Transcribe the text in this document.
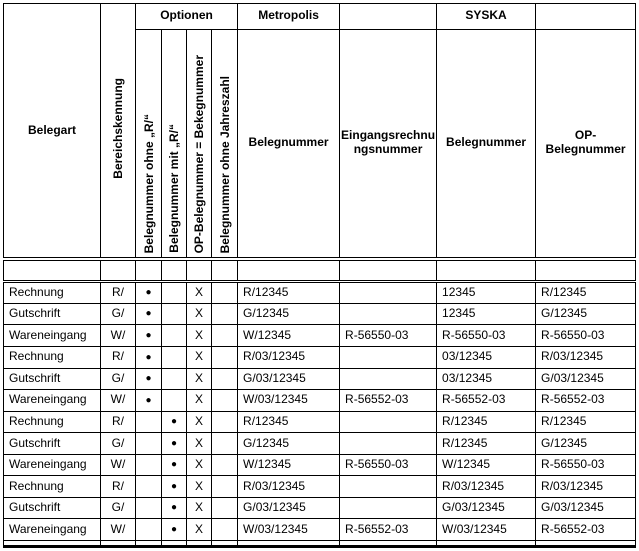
Belegart	Bereichskennung	Optionen				Metropolis		SYSKA	
		Belegnummer ohne „R/“	Belegnummer mit „R/“	OP-Belegnummer = Bekegnummer	Belegnummer ohne Jahreszahl	Belegnummer	Eingangsrechnungsnummer	Belegnummer	OP-Belegnummer

Rechnung	R/	●		X		R/12345		12345	R/12345
Gutschrift	G/	●		X		G/12345		12345	G/12345
Wareneingang	W/	●		X		W/12345	R-56550-03	R-56550-03	R-56550-03
Rechnung	R/	●		X		R/03/12345		03/12345	R/03/12345
Gutschrift	G/	●		X		G/03/12345		03/12345	G/03/12345
Wareneingang	W/	●		X		W/03/12345	R-56552-03	R-56552-03	R-56552-03
Rechnung	R/		●	X		R/12345		R/12345	R/12345
Gutschrift	G/		●	X		G/12345		R/12345	G/12345
Wareneingang	W/		●	X		W/12345	R-56550-03	W/12345	R-56550-03
Rechnung	R/		●	X		R/03/12345		R/03/12345	R/03/12345
Gutschrift	G/		●	X		G/03/12345		G/03/12345	G/03/12345
Wareneingang	W/		●	X		W/03/12345	R-56552-03	W/03/12345	R-56552-03
